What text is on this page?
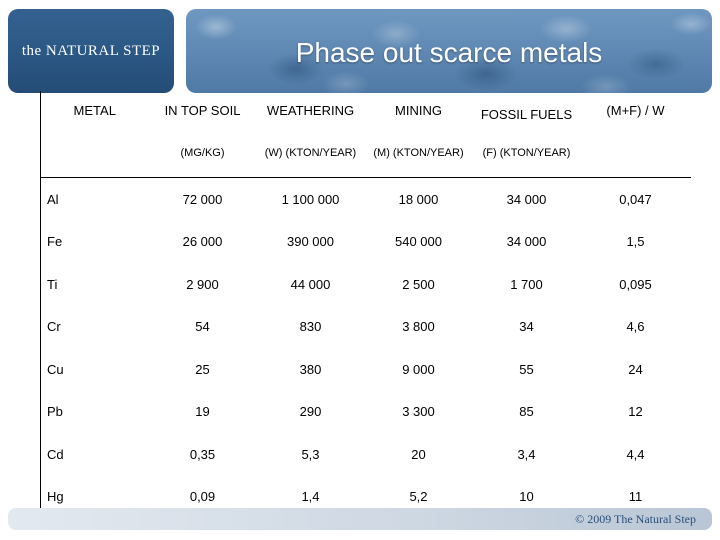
the NATURAL STEP	Phase out scarce metals
METAL	IN TOP SOIL	WEATHERING	MINING	FOSSIL FUELS	(M+F) / W
	(MG/KG)	(W) (KTON/YEAR)	(M) (KTON/YEAR)	(F) (KTON/YEAR)	
Al	72 000	1 100 000	18 000	34 000	0,047
Fe	26 000	390 000	540 000	34 000	1,5
Ti	2 900	44 000	2 500	1 700	0,095
Cr	54	830	3 800	34	4,6
Cu	25	380	9 000	55	24
Pb	19	290	3 300	85	12
Cd	0,35	5,3	20	3,4	4,4
Hg	0,09	1,4	5,2	10	11
© 2009 The Natural Step
